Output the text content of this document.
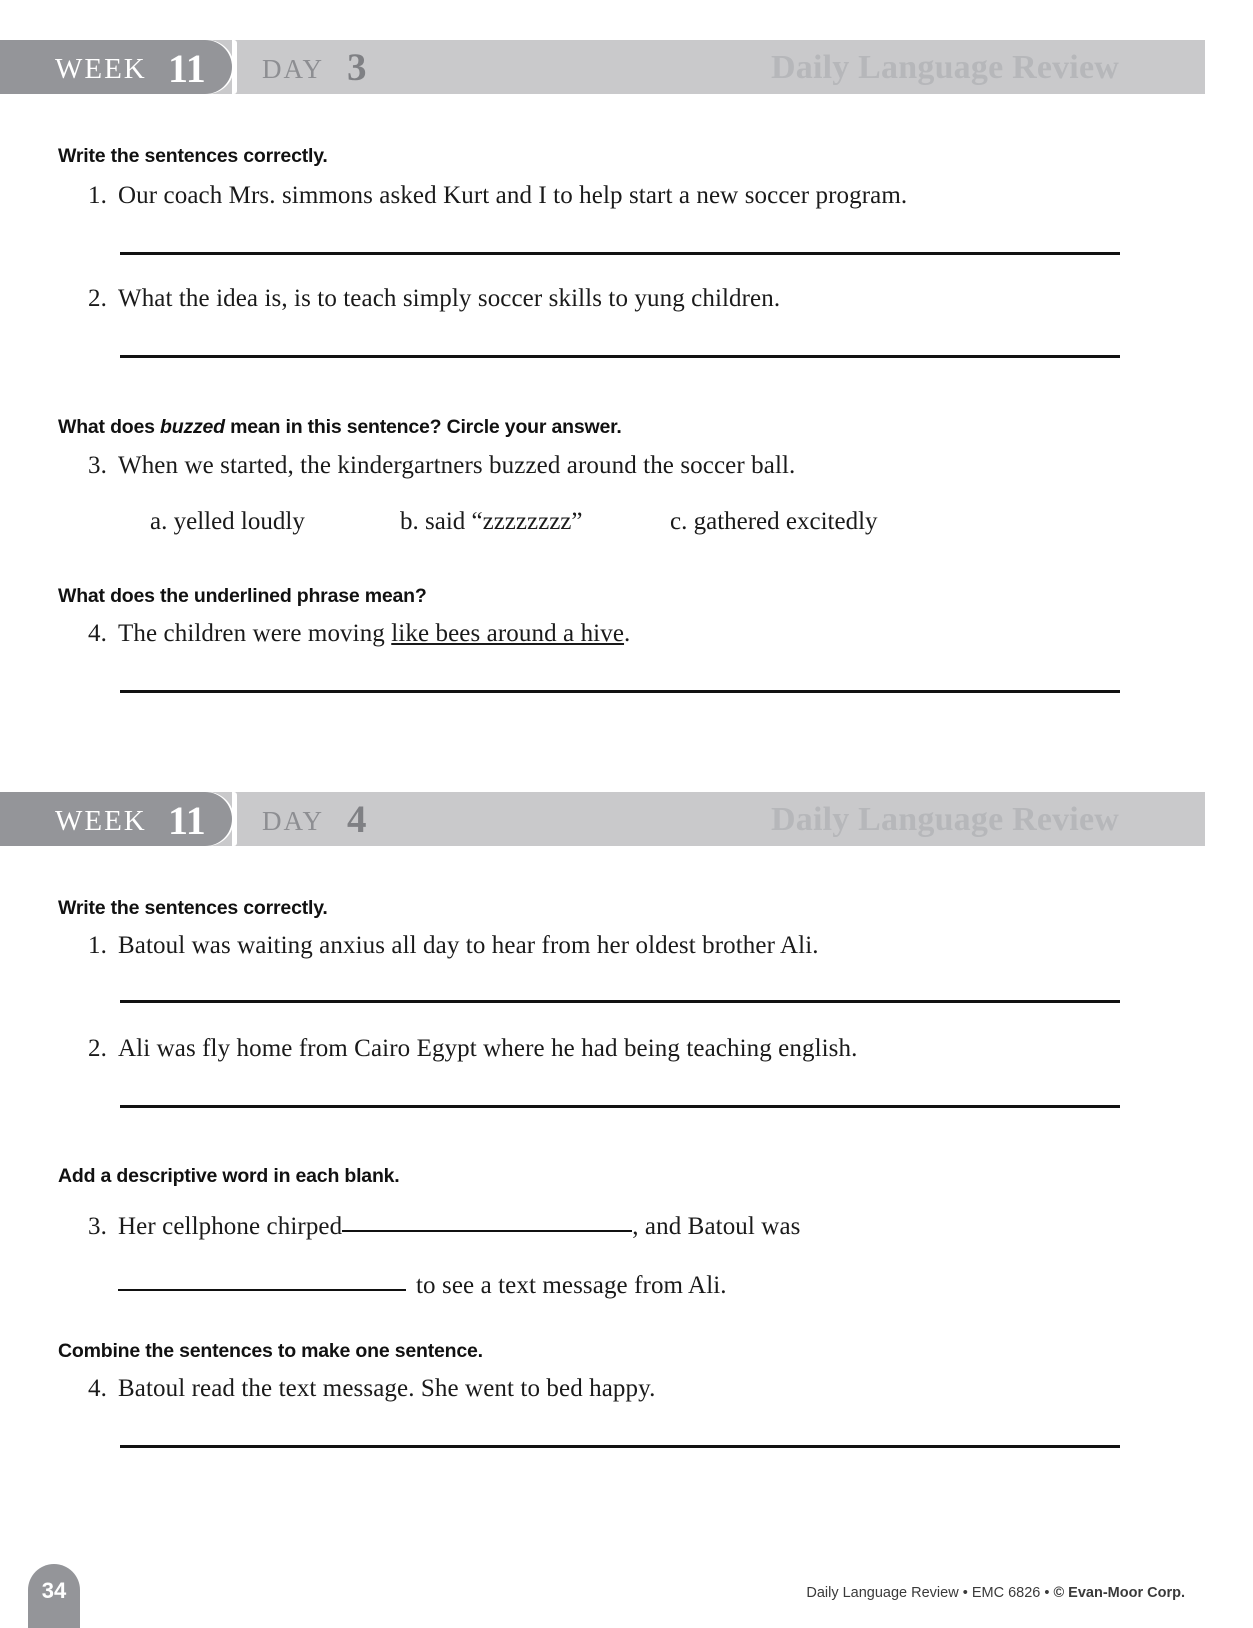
WEEK 11 DAY 3	Daily Language Review
Write the sentences correctly.
1. Our coach Mrs. simmons asked Kurt and I to help start a new soccer program.
2. What the idea is, is to teach simply soccer skills to yung children.
What does buzzed mean in this sentence? Circle your answer.
3. When we started, the kindergartners buzzed around the soccer ball.
a. yelled loudly	b. said “zzzzzzzz”	c. gathered excitedly
What does the underlined phrase mean?
4. The children were moving like bees around a hive.
WEEK 11 DAY 4	Daily Language Review
Write the sentences correctly.
1. Batoul was waiting anxius all day to hear from her oldest brother Ali.
2. Ali was fly home from Cairo Egypt where he had being teaching english.
Add a descriptive word in each blank.
3. Her cellphone chirped	, and Batoul was
to see a text message from Ali.
Combine the sentences to make one sentence.
4. Batoul read the text message. She went to bed happy.
34	Daily Language Review • EMC 6826 • © Evan-Moor Corp.
